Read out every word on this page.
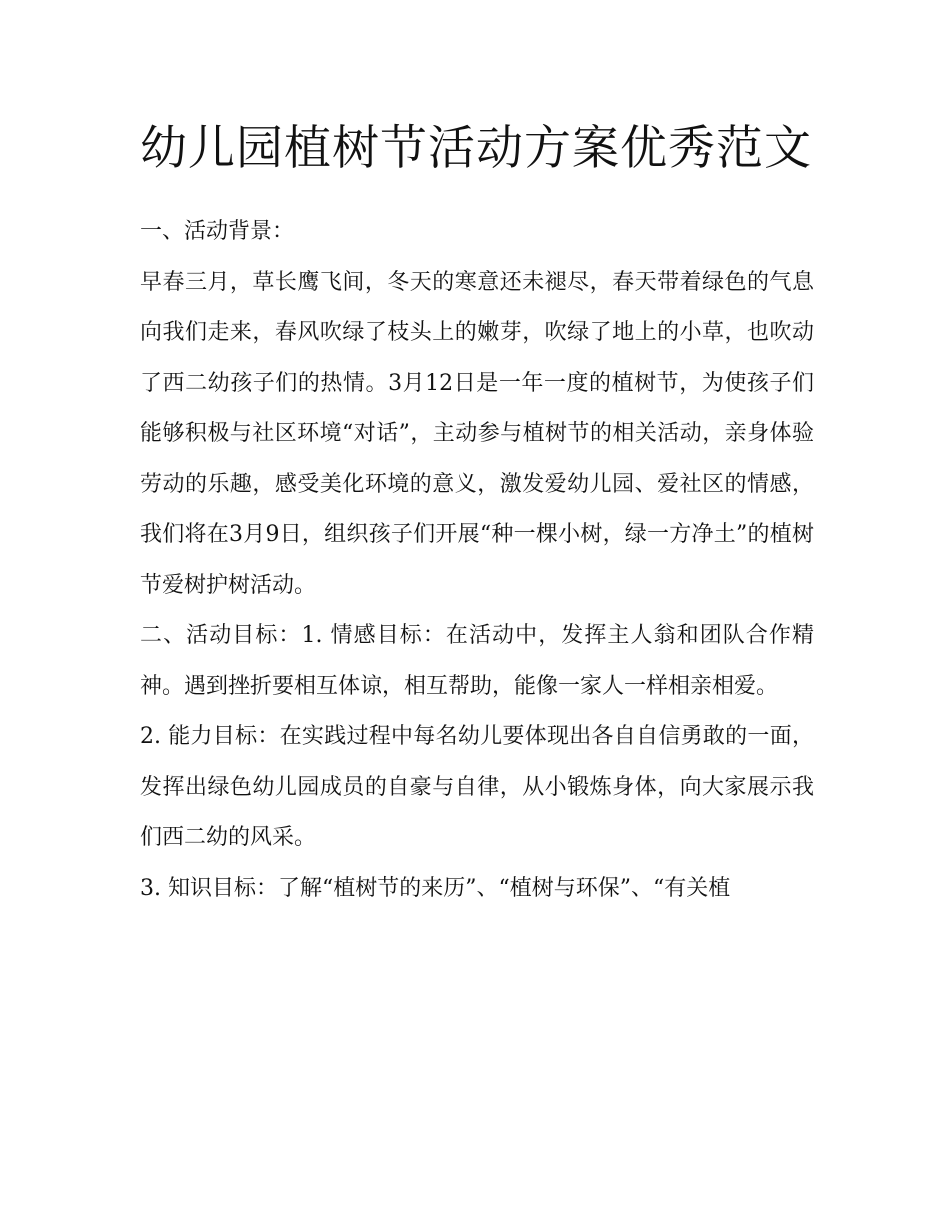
幼儿园植树节活动方案优秀范文

一、活动背景：

早春三月，草长鹰飞间，冬天的寒意还未褪尽，春天带着绿色的气息向我们走来，春风吹绿了枝头上的嫩芽，吹绿了地上的小草，也吹动了西二幼孩子们的热情。3月12日是一年一度的植树节，为使孩子们能够积极与社区环境“对话”，主动参与植树节的相关活动，亲身体验劳动的乐趣，感受美化环境的意义，激发爱幼儿园、爱社区的情感，我们将在3月9日，组织孩子们开展“种一棵小树，绿一方净土”的植树节爱树护树活动。

二、活动目标：1. 情感目标：在活动中，发挥主人翁和团队合作精神。遇到挫折要相互体谅，相互帮助，能像一家人一样相亲相爱。

2. 能力目标：在实践过程中每名幼儿要体现出各自自信勇敢的一面，发挥出绿色幼儿园成员的自豪与自律，从小锻炼身体，向大家展示我们西二幼的风采。

3. 知识目标：了解“植树节的来历”、“植树与环保”、“有关植
